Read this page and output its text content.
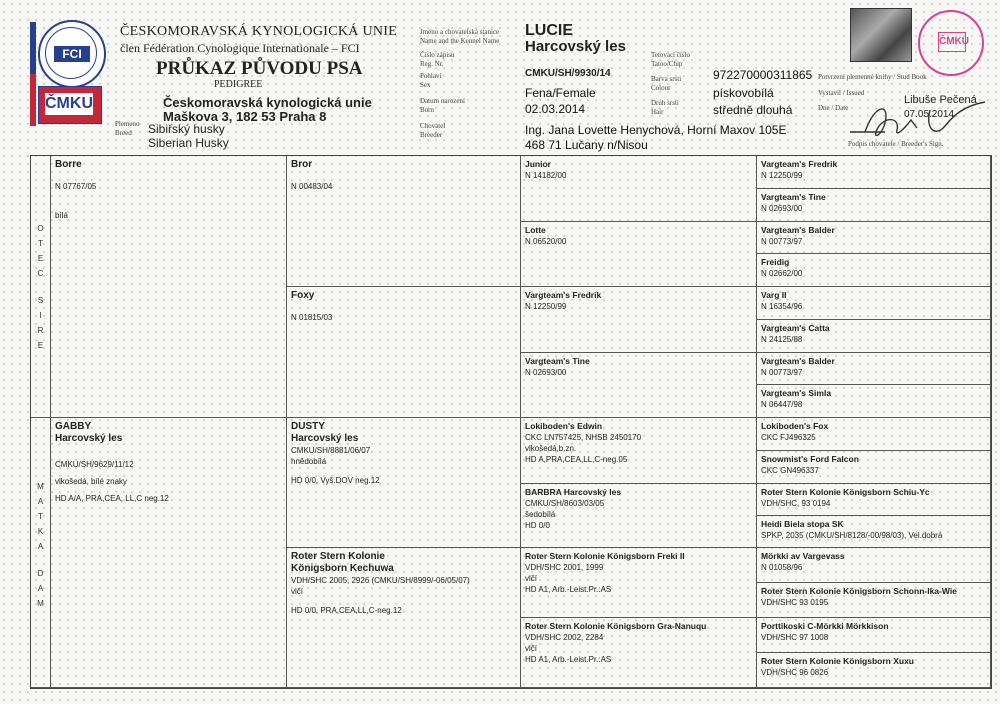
FCI
ČMKU
ČESKOMORAVSKÁ KYNOLOGICKÁ UNIE
člen Fédération Cynologique Internationale – FCI
PRŮKAZ PŮVODU PSA
PEDIGREE
Českomoravská kynologická unie
Maškova 3, 182 53 Praha 8
Plemeno
Breed	Sibiřský husky
Siberian Husky
Jméno a chovatelská stanice
Name and the Kennel Name
Číslo zápisu
Reg. Nr.
Pohlaví
Sex
Datum narození
Born
Chovatel
Breeder
Tetovací číslo
Tatoo/Chip
Barva srsti
Colour
Druh srsti
Hair
Potvrzení plemenné knihy / Stud Book
Vystavil / Issued
Dne / Date
Podpis chovatele / Breeder's Sign.
LUCIE
Harcovský les
CMKU/SH/9930/14
Fena/Female
02.03.2014
Ing. Jana Lovette Henychová, Horní Maxov 105E
468 71 Lučany n/Nisou
972270000311865
pískovobílá
středně dlouhá
Libuše Pečená
07.05.2014
ČMKU
O
T
E
C
S
I
R
E
M
A
T
K
A
D
A
M
Borre
N 07767/05
bílá
GABBY
Harcovský les
CMKU/SH/9629/11/12
vlkošedá, bílé znaky
HD A/A, PRA,CEA, LL,C neg.12
Bror
N 00483/04
Foxy
N 01815/03
DUSTY
Harcovský les
CMKU/SH/8881/06/07
hnědobílá
HD 0/0, Vyš.DOV neg.12
Roter Stern Kolonie
Königsborn Kechuwa
VDH/SHC 2005, 2926 (CMKU/SH/8999/-06/05/07)
vlčí
HD 0/0, PRA,CEA,LL,C-neg.12
Junior
N 14182/00
Lotte
N 06520/00
Vargteam's Fredrik
N 12250/99
Vargteam's Tine
N 02693/00
Lokiboden's Edwin
CKC LN757425, NHSB 2450170
vlkošedá,b.zn.
HD A,PRA,CEA,LL,C-neg.05
BARBRA Harcovský les
CMKU/SH/8603/03/05
šedobílá
HD 0/0
Roter Stern Kolonie Königsborn Freki II
VDH/SHC 2001, 1999
vlčí
HD A1, Arb.-Leist.Pr.:AS
Roter Stern Kolonie Königsborn Gra-Nanuqu
VDH/SHC 2002, 2284
vlčí
HD A1, Arb.-Leist.Pr.:AS
Vargteam's Fredrik
N 12250/99
Vargteam's Tine
N 02693/00
Vargteam's Balder
N 00773/97
Freidig
N 02662/00
Varg II
N 16354/96
Vargteam's Catta
N 24125/88
Vargteam's Balder
N 00773/97
Vargteam's Simla
N 06447/98
Lokiboden's Fox
CKC FJ496325
Snowmist's Ford Falcon
CKC GN496337
Roter Stern Kolonie Königsborn Schiu-Yc
VDH/SHC, 93 0194
Heidi Biela stopa SK
SPKP, 2035 (CMKU/SH/8128/-00/98/03), Vel.dobrá
Mörkki av Vargevass
N 01058/96
Roter Stern Kolonie Königsborn Schonn-Ika-Wie
VDH/SHC 93 0195
Porttikoski C-Mörkki Mörkkison
VDH/SHC 97 1008
Roter Stern Kolonie Königsborn Xuxu
VDH/SHC 96 0826
